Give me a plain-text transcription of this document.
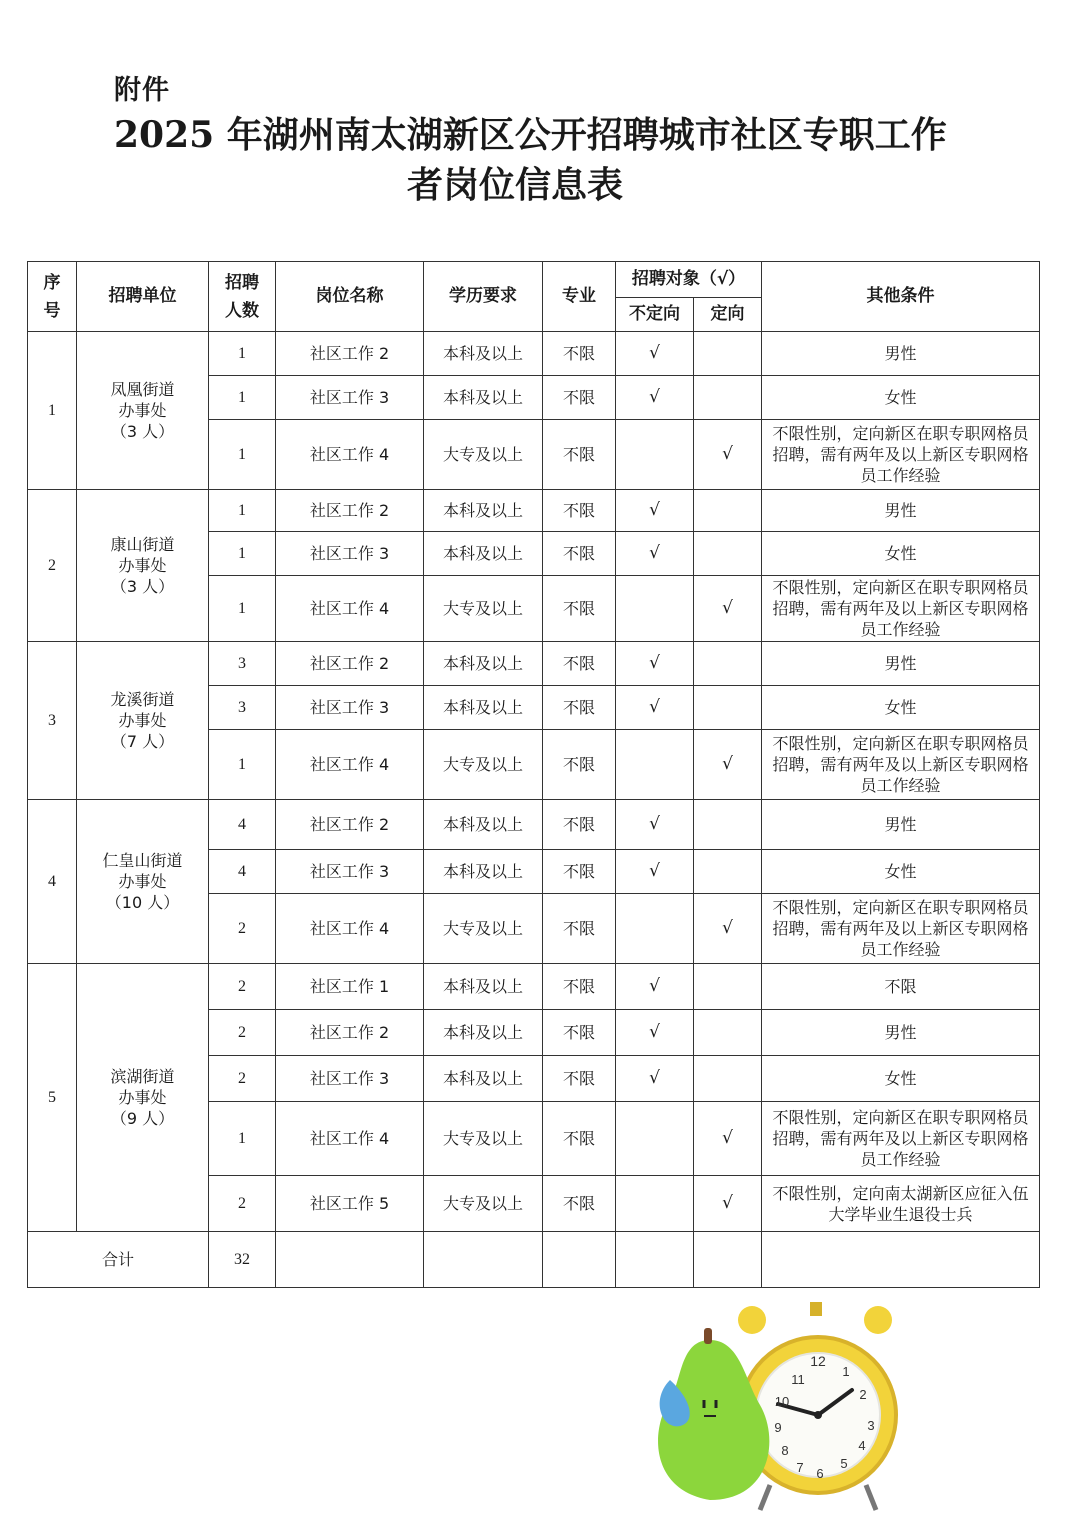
附件
2025 年湖州南太湖新区公开招聘城市社区专职工作
者岗位信息表
序号	招聘单位	招聘人数	岗位名称	学历要求	专业	招聘对象（√）		其他条件
						不定向	定向	
1	凤凰街道
办事处
（3 人）	1	社区工作 2	本科及以上	不限	√		男性
		1	社区工作 3	本科及以上	不限	√		女性
		1	社区工作 4	大专及以上	不限		√	不限性别，定向新区在职专职网格员招聘，需有两年及以上新区专职网格员工作经验
2	康山街道
办事处
（3 人）	1	社区工作 2	本科及以上	不限	√		男性
		1	社区工作 3	本科及以上	不限	√		女性
		1	社区工作 4	大专及以上	不限		√	不限性别，定向新区在职专职网格员招聘，需有两年及以上新区专职网格员工作经验
3	龙溪街道
办事处
（7 人）	3	社区工作 2	本科及以上	不限	√		男性
		3	社区工作 3	本科及以上	不限	√		女性
		1	社区工作 4	大专及以上	不限		√	不限性别，定向新区在职专职网格员招聘，需有两年及以上新区专职网格员工作经验
4	仁皇山街道
办事处
（10 人）	4	社区工作 2	本科及以上	不限	√		男性
		4	社区工作 3	本科及以上	不限	√		女性
		2	社区工作 4	大专及以上	不限		√	不限性别，定向新区在职专职网格员招聘，需有两年及以上新区专职网格员工作经验
5	滨湖街道
办事处
（9 人）	2	社区工作 1	本科及以上	不限	√		不限
		2	社区工作 2	本科及以上	不限	√		男性
		2	社区工作 3	本科及以上	不限	√		女性
		1	社区工作 4	大专及以上	不限		√	不限性别，定向新区在职专职网格员招聘，需有两年及以上新区专职网格员工作经验
		2	社区工作 5	大专及以上	不限		√	不限性别，定向南太湖新区应征入伍大学毕业生退役士兵
合计		32						
12
1
2
3
4
5
6
7
8
9
10
11
